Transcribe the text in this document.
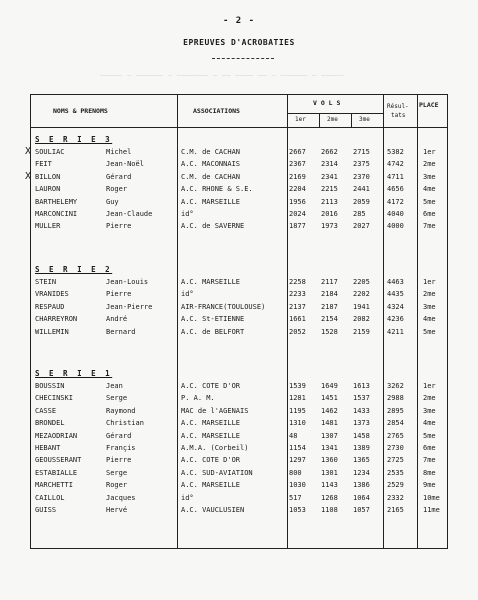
- 2 -
EPREUVES D'ACROBATIES
_____ _ ______ _ _______ _ __ ____ __ _ ______ _ _____
NOMS & PRENOMS	ASSOCIATIONS
V O L S
1er	2me	3me
Résul-
tats
PLACE
S E R I E 3
SOULIAC	Michel	C.M. de CACHAN	2667 2662 2715 5382	1er
X
FEIT	Jean-Noël	A.C. MACONNAIS	2367 2314 2375 4742	2me
BILLON	Gérard	C.M. de CACHAN	2169 2341 2370 4711	3me
X
LAURON	Roger	A.C. RHONE & S.E.	2204 2215 2441 4656	4me
BARTHELEMY	Guy	A.C. MARSEILLE	1956 2113 2059 4172	5me
MARCONCINI	Jean-Claude	id°	2024 2016 285	4040	6me
MULLER	Pierre	A.C. de SAVERNE	1877 1973 2027 4000	7me
S E R I E 2
STEIN	Jean-Louis	A.C. MARSEILLE	2258 2117 2205 4463	1er
VRANIDES	Pierre	id°	2233 2184 2202 4435	2me
RESPAUD	Jean-Pierre	AIR-FRANCE(TOULOUSE)	2137 2187 1941 4324	3me
CHARREYRON	André	A.C. St-ETIENNE	1661 2154 2082 4236	4me
WILLEMIN	Bernard	A.C. de BELFORT	2052 1528 2159 4211	5me
S E R I E 1
BOUSSIN	Jean	A.C. COTE D'OR	1539 1649 1613 3262	1er
CHECINSKI	Serge	P. A. M.	1281 1451 1537 2988	2me
CASSE	Raymond	MAC de l'AGENAIS	1195 1462 1433 2895	3me
BRONDEL	Christian	A.C. MARSEILLE	1310 1481 1373 2854	4me
MEZAODRIAN	Gérard	A.C. MARSEILLE	48	1307 1458 2765	5me
HEBANT	Françis	A.M.A. (Corbeil)	1154 1341 1389 2730	6me
GEOUSSERANT	Pierre	A.C. COTE D'OR	1297 1360 1365 2725	7me
ESTABIALLE	Serge	A.C. SUD-AVIATION	800	1301 1234 2535	8me
MARCHETTI	Roger	A.C. MARSEILLE	1030 1143 1386 2529	9me
CAILLOL	Jacques	id°	517	1268 1064 2332	10me
GUISS	Hervé	A.C. VAUCLUSIEN	1053 1108 1057 2165	11me
